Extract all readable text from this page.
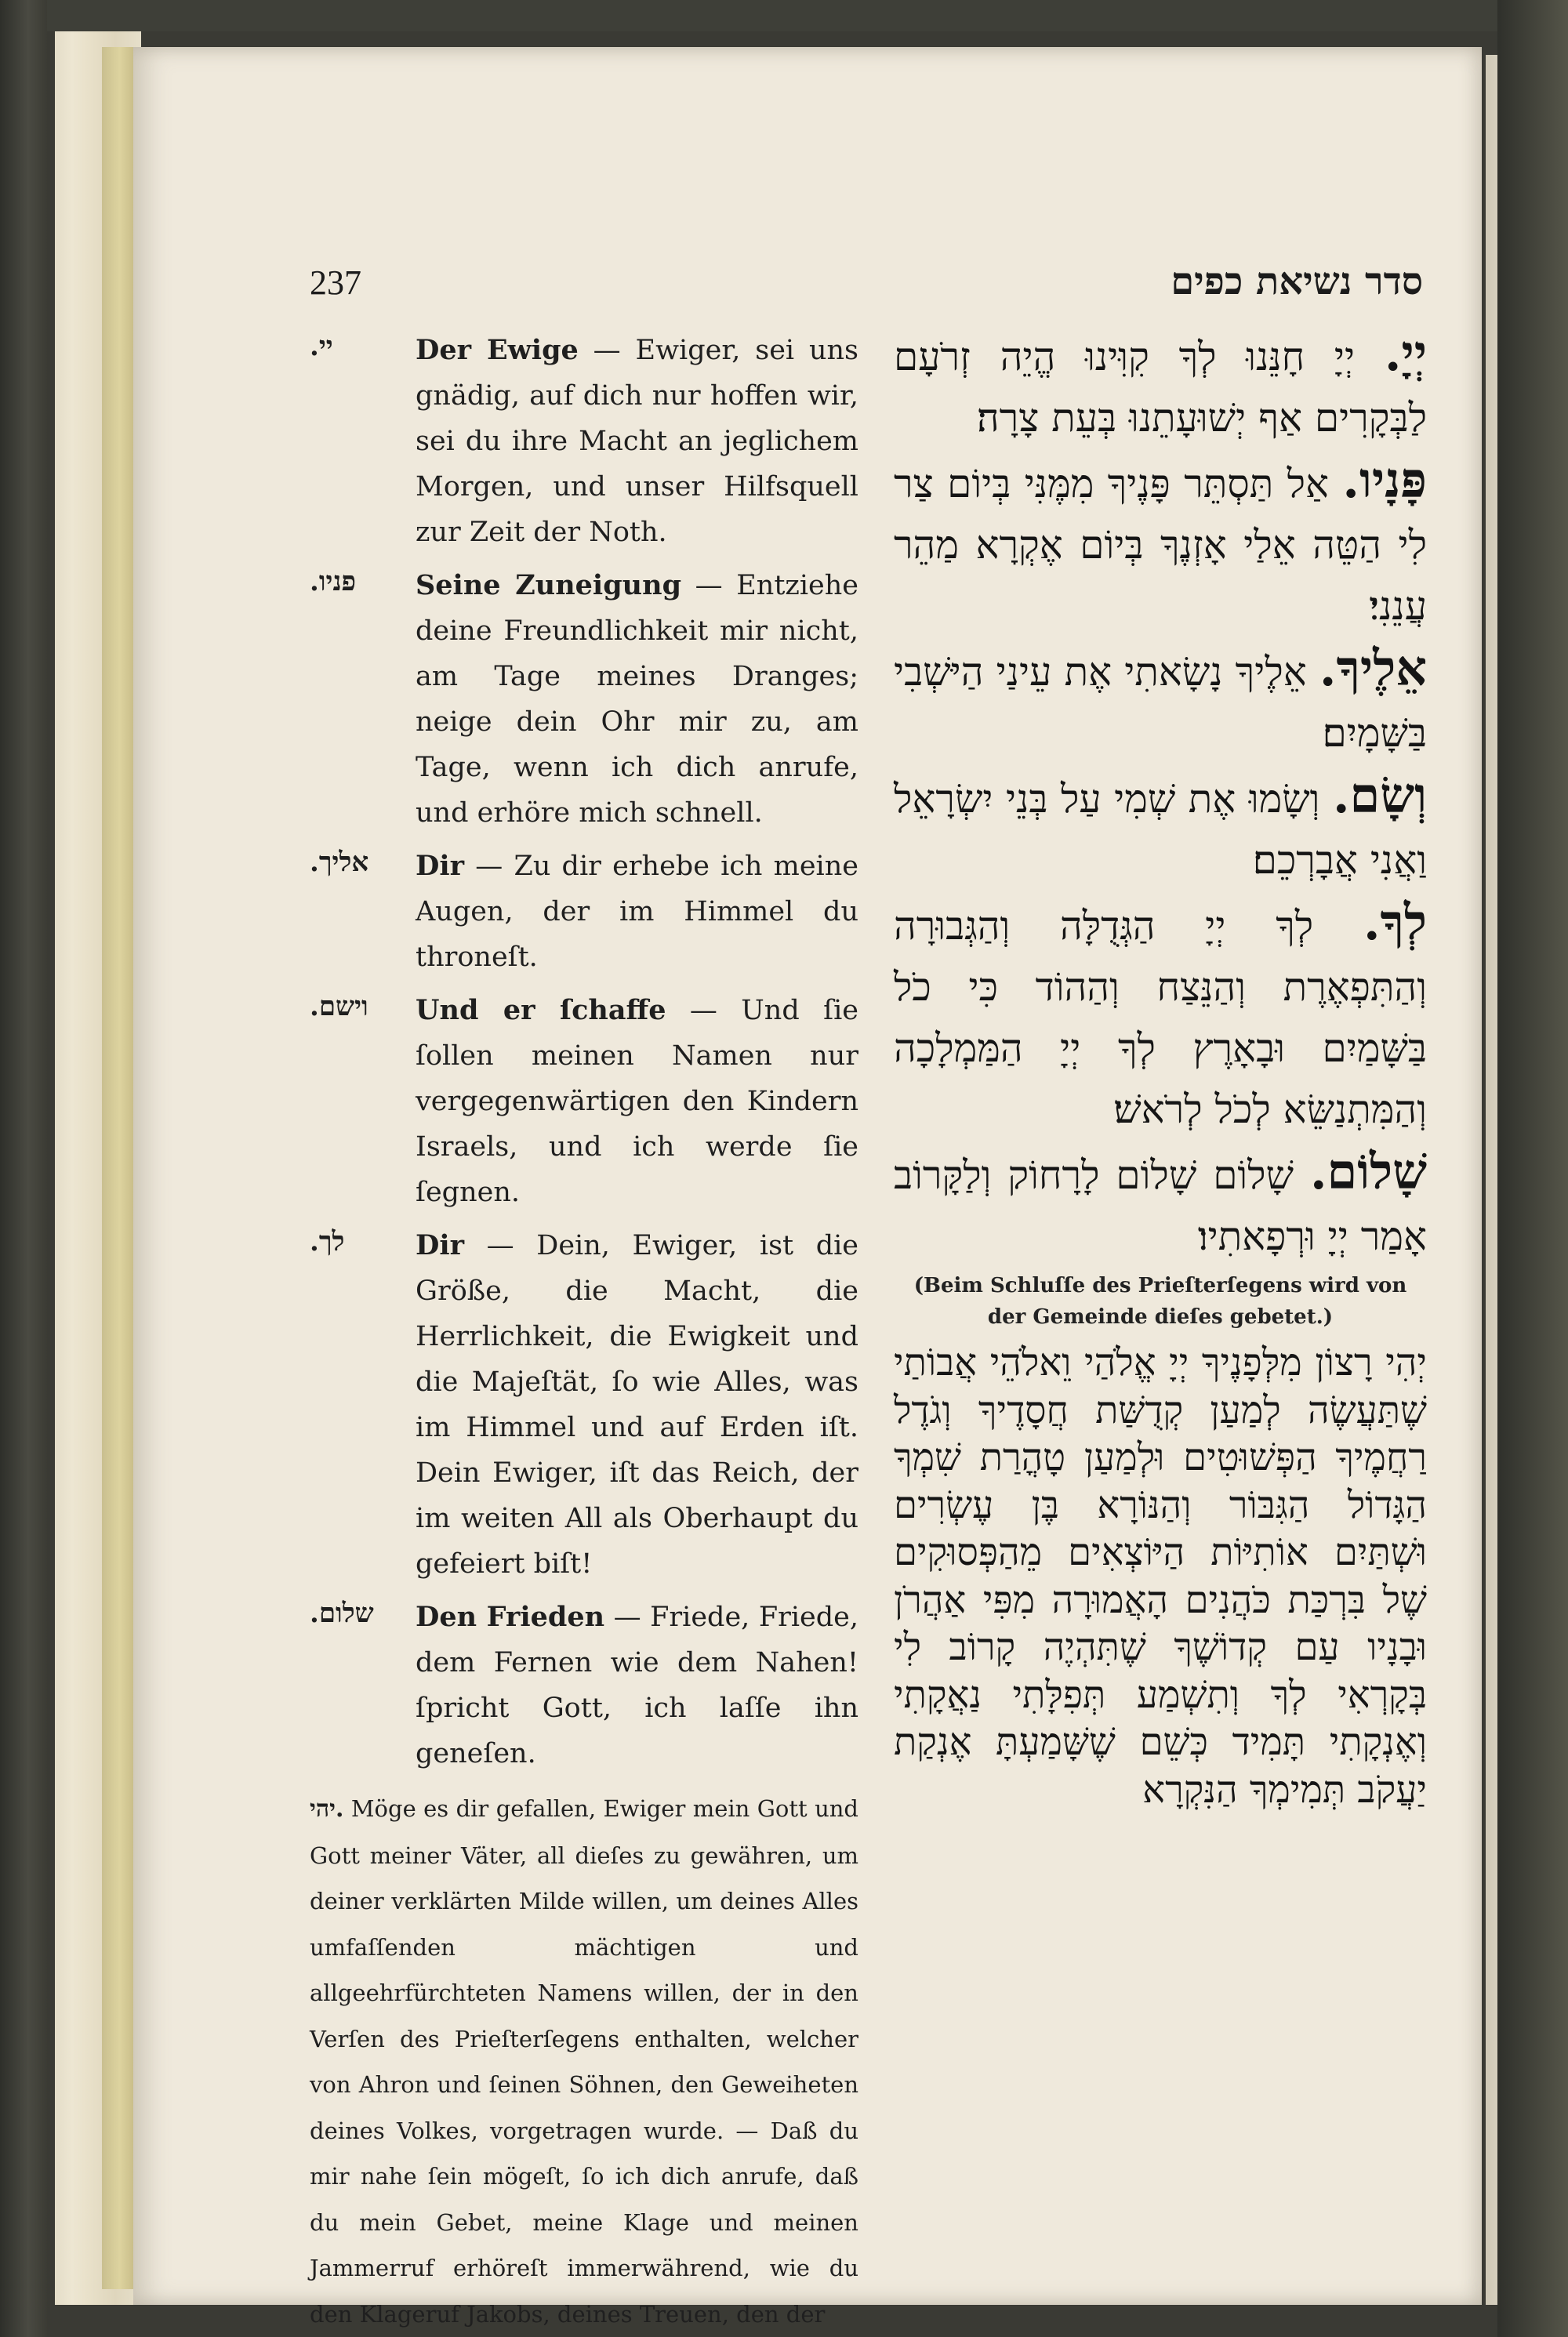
237	סדר נשיאת כפים
יי.	Der Ewige — Ewiger, sei uns gnädig, auf dich nur hoffen wir, sei du ihre Macht an jeglichem Morgen, und unser Hilfsquell zur Zeit der Noth.
פניו.	Seine Zuneigung — Entziehe deine Freundlichkeit mir nicht, am Tage meines Dranges; neige dein Ohr mir zu, am Tage, wenn ich dich anrufe, und erhöre mich schnell.
אליך.	Dir — Zu dir erhebe ich meine Augen, der im Himmel du throneſt.
וישם.	Und er ſchaffe — Und ſie ſollen meinen Namen nur vergegenwärtigen den Kindern Israels, und ich werde ſie ſegnen.
לך.	Dir — Dein, Ewiger, ist die Größe, die Macht, die Herrlichkeit, die Ewigkeit und die Majeſtät, ſo wie Alles, was im Himmel und auf Erden iſt. Dein Ewiger, iſt das Reich, der im weiten All als Oberhaupt du gefeiert biſt!
שלום.	Den Frieden — Friede, Friede, dem Fernen wie dem Nahen! ſpricht Gott, ich laſſe ihn geneſen.
יהי. Möge es dir gefallen, Ewiger mein Gott und Gott meiner Väter, all dieſes zu gewähren, um deiner verklärten Milde willen, um deines Alles umfaſſenden mächtigen und allgeehrfürchteten Namens willen, der in den Verſen des Prieſterſegens enthalten, welcher von Ahron und ſeinen Söhnen, den Geweiheten deines Volkes, vorgetragen wurde. — Daß du mir nahe ſein mögeſt, ſo ich dich anrufe, daß du mein Gebet, meine Klage und meinen Jammerruf erhöreſt immerwährend, wie du den Klageruf Jakobs, deines Treuen, den der
יְיָ. יְיָ חָנֵּנוּ לְךָ קִוִּינוּ הֱיֵה זְרֹעָם לַבְּקָרִים אַף יְשׁוּעָתֵנוּ בְּעֵת צָרָה׃
פָּנָיו. אַל תַּסְתֵּר פָּנֶיךָ מִמֶּנִּי בְּיוֹם צַר לִי הַטֵּה אֵלַי אָזְנֶךָ בְּיוֹם אֶקְרָא מַהֵר עֲנֵנִי׃
אֵלֶיךָ. אֵלֶיךָ נָשָׂאתִי אֶת עֵינַי הַיּשְׁבִי בַּשָּׁמָיִם׃
וְשָׂם. וְשָׂמוּ אֶת שְׁמִי עַל בְּנֵי יִשְׂרָאֵל וַאֲנִי אֲבָרְכֵם׃
לְךָ. לְךָ יְיָ הַגְּדֻלָּה וְהַגְּבוּרָה וְהַתִּפְאֶרֶת וְהַנֵּצַח וְהַהוֹד כִּי כֹל בַּשָּׁמַיִם וּבָאָרֶץ לְךָ יְיָ הַמַּמְלָכָה וְהַמִּתְנַשֵּׂא לְכֹל לְרֹאשׁ׃
שָׁלוֹם. שָׁלוֹם שָׁלוֹם לָרָחוֹק וְלַקָּרוֹב אָמַר יְיָ וּרְפָאתִיו׃
(Beim Schluſſe des Prieſterſegens wird von der Gemeinde dieſes gebetet.)
יְהִי רָצוֹן מִלְּפָנֶיךָ יְיָ אֱלֹהַי וֵאלֹהֵי אֲבוֹתַי שֶׁתַּעֲשֶׂה לְמַעַן קְדֻשַּׁת חֲסָדֶיךָ וְגֹדֶל רַחֲמֶיךָ הַפְּשׁוּטִים וּלְמַעַן טָהֳרַת שִׁמְךָ הַגָּדוֹל הַגִּבּוֹר וְהַנּוֹרָא בֶּן עֶשְׂרִים וּשְׁתַּיִם אוֹתִיּוֹת הַיּוֹצְאִים מֵהַפְּסוּקִים שֶׁל בִּרְכַּת כֹּהֲנִים הָאֲמוּרָה מִפִּי אַהֲרֹן וּבָנָיו עַם קְדוֹשֶׁךָ שֶׁתִּהְיֶה קָרוֹב לִי בְּקָרְאִי לְךָ וְתִשְׁמַע תְּפִלָּתִי נַאֲקָתִי וְאֶנְקָתִי תָּמִיד כְּשֵׁם שֶׁשָּׁמַעְתָּ אֶנְקַת יַעֲקֹב תְּמִימְךָ הַנִּקְרָא
